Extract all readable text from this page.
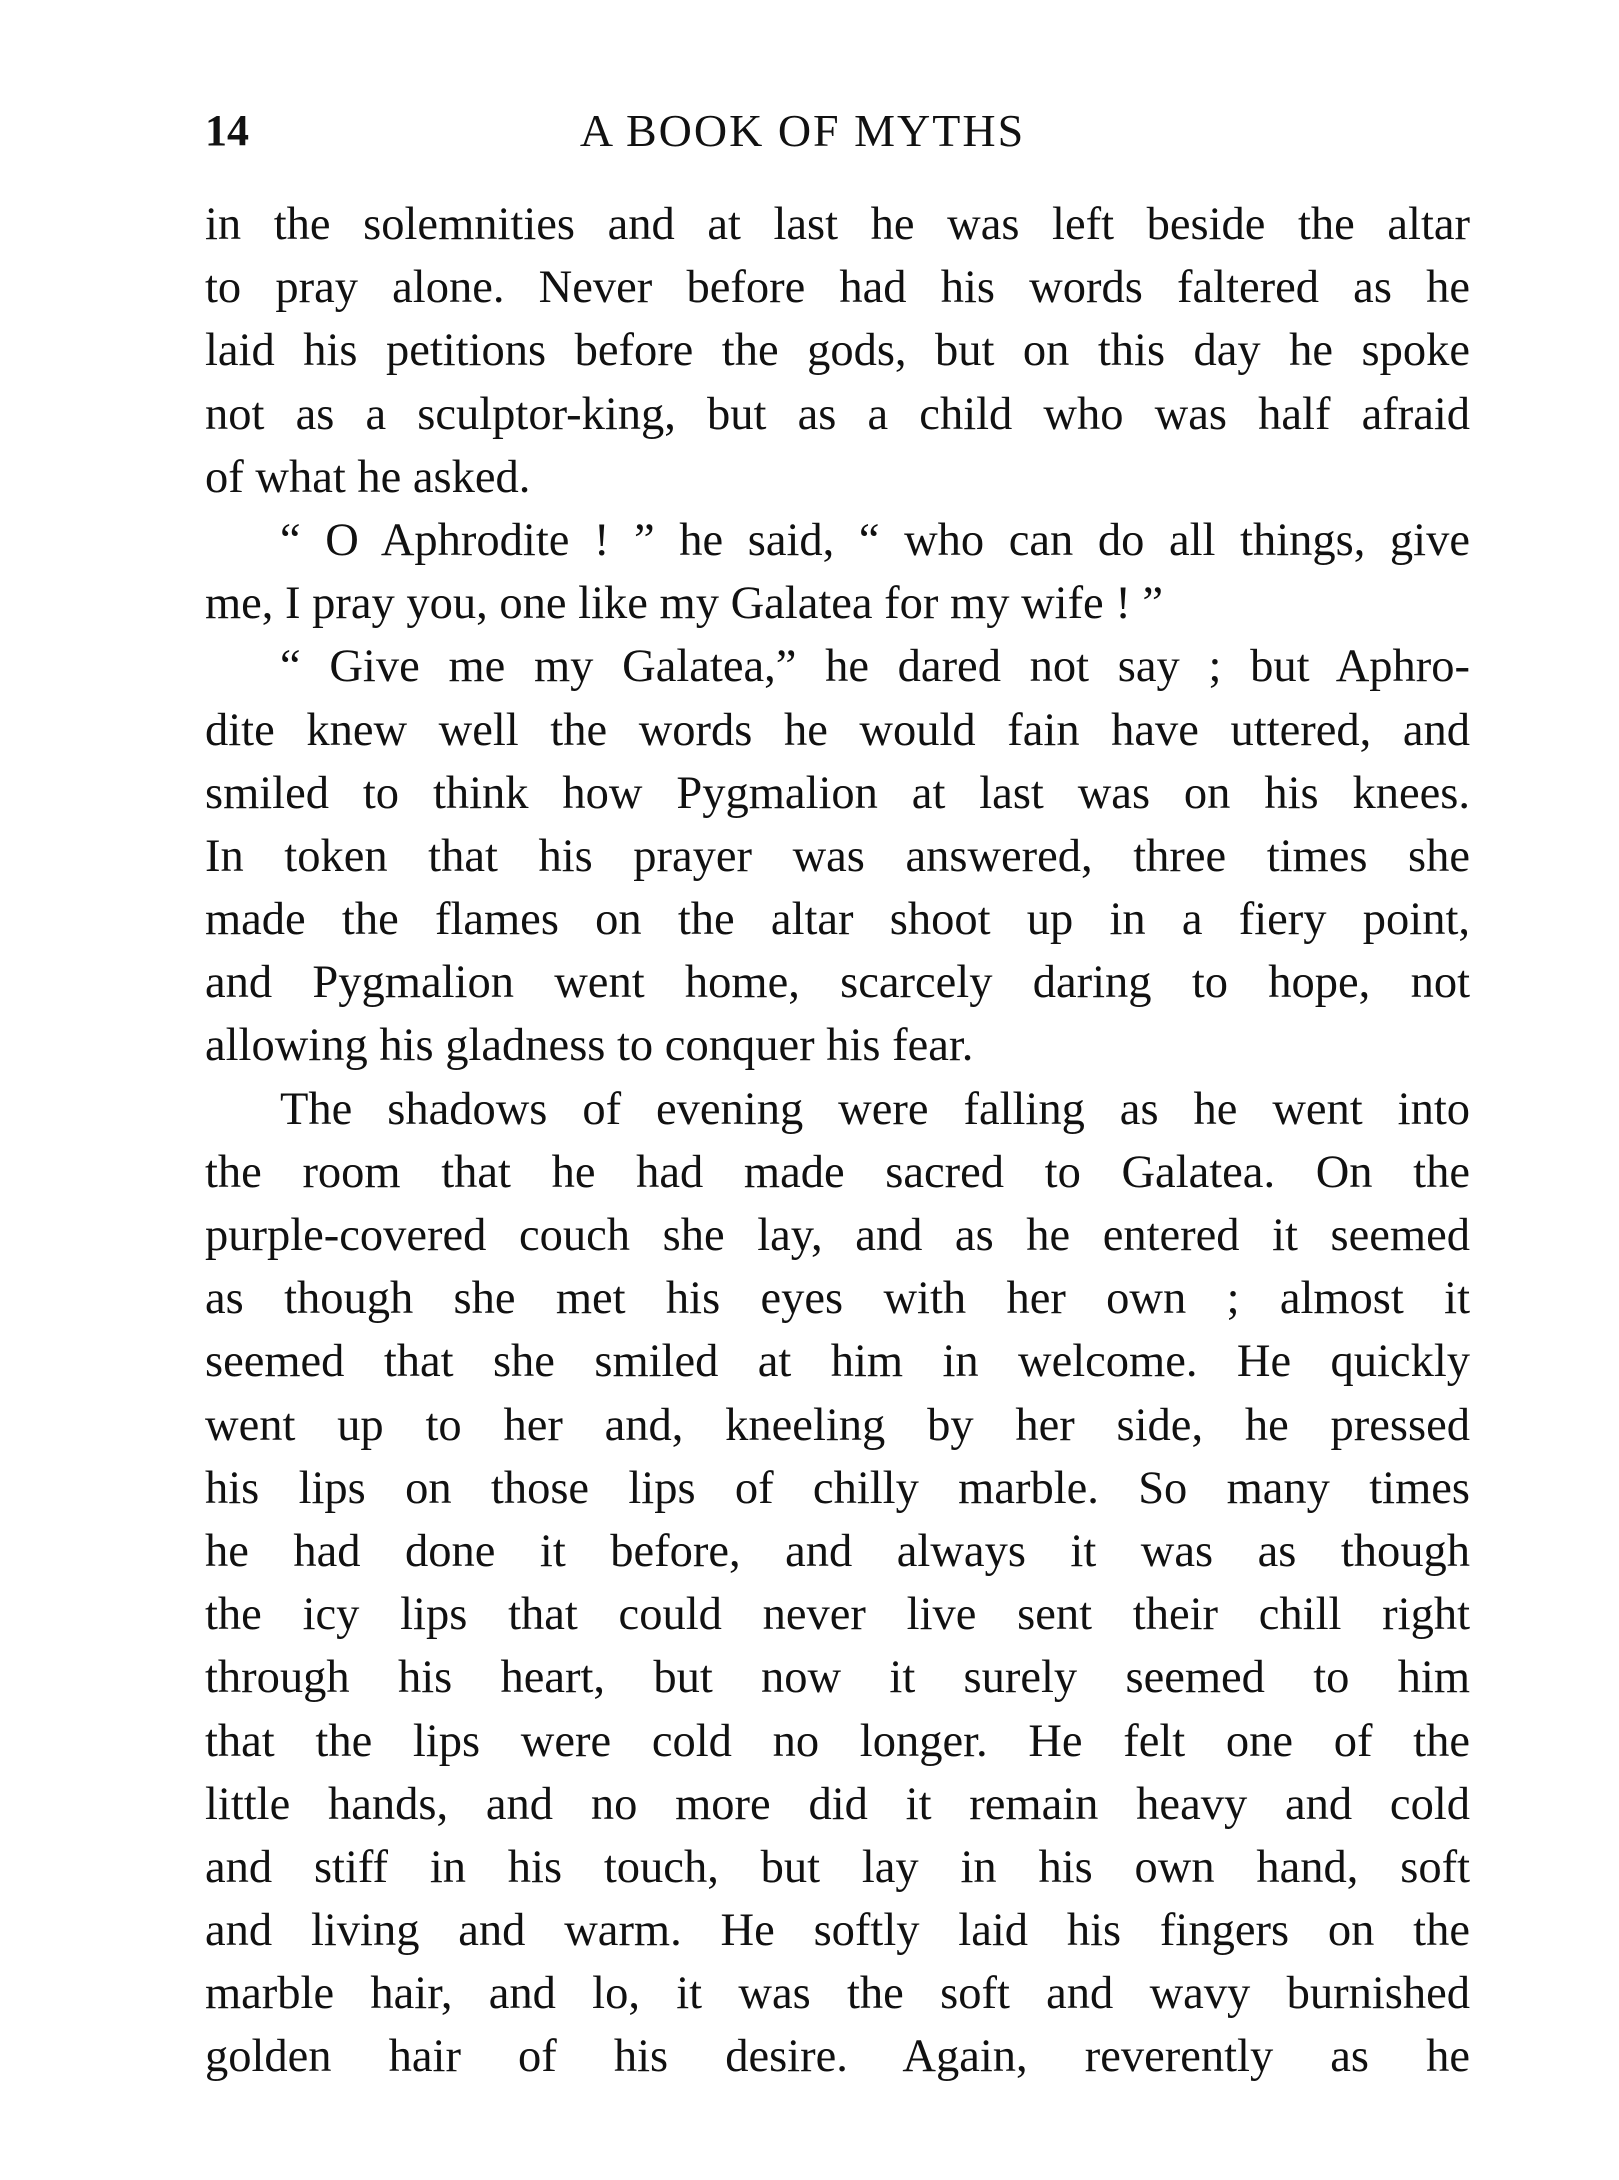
14	A BOOK OF MYTHS
in the solemnities and at last he was left beside the altar
to pray alone. Never before had his words faltered as he
laid his petitions before the gods, but on this day he spoke
not as a sculptor-king, but as a child who was half afraid
of what he asked.
“ O Aphrodite ! ” he said, “ who can do all things, give
me, I pray you, one like my Galatea for my wife ! ”
“ Give me my Galatea,” he dared not say ; but Aphro-
dite knew well the words he would fain have uttered, and
smiled to think how Pygmalion at last was on his knees.
In token that his prayer was answered, three times she
made the flames on the altar shoot up in a fiery point,
and Pygmalion went home, scarcely daring to hope, not
allowing his gladness to conquer his fear.
The shadows of evening were falling as he went into
the room that he had made sacred to Galatea. On the
purple-covered couch she lay, and as he entered it seemed
as though she met his eyes with her own ; almost it
seemed that she smiled at him in welcome. He quickly
went up to her and, kneeling by her side, he pressed
his lips on those lips of chilly marble. So many times
he had done it before, and always it was as though
the icy lips that could never live sent their chill right
through his heart, but now it surely seemed to him
that the lips were cold no longer. He felt one of the
little hands, and no more did it remain heavy and cold
and stiff in his touch, but lay in his own hand, soft
and living and warm. He softly laid his fingers on the
marble hair, and lo, it was the soft and wavy burnished
golden hair of his desire. Again, reverently as he
